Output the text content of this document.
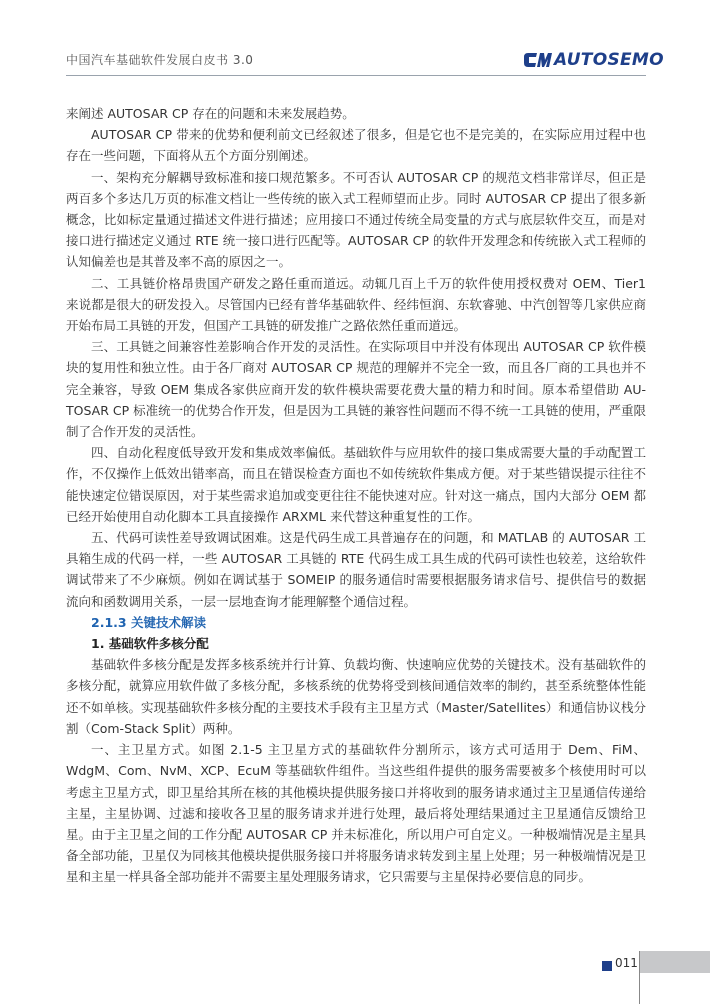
中国汽车基础软件发展白皮书 3.0	AUTOSEMO

来阐述 AUTOSAR CP 存在的问题和未来发展趋势。

AUTOSAR CP 带来的优势和便利前文已经叙述了很多，但是它也不是完美的，在实际应用过程中也存在一些问题，下面将从五个方面分别阐述。

一、架构充分解耦导致标准和接口规范繁多。不可否认 AUTOSAR CP 的规范文档非常详尽，但正是两百多个多达几万页的标准文档让一些传统的嵌入式工程师望而止步。同时 AUTOSAR CP 提出了很多新概念，比如标定量通过描述文件进行描述；应用接口不通过传统全局变量的方式与底层软件交互，而是对接口进行描述定义通过 RTE 统一接口进行匹配等。AUTOSAR CP 的软件开发理念和传统嵌入式工程师的认知偏差也是其普及率不高的原因之一。

二、工具链价格昂贵国产研发之路任重而道远。动辄几百上千万的软件使用授权费对 OEM、Tier1 来说都是很大的研发投入。尽管国内已经有普华基础软件、经纬恒润、东软睿驰、中汽创智等几家供应商开始布局工具链的开发，但国产工具链的研发推广之路依然任重而道远。

三、工具链之间兼容性差影响合作开发的灵活性。在实际项目中并没有体现出 AUTOSAR CP 软件模块的复用性和独立性。由于各厂商对 AUTOSAR CP 规范的理解并不完全一致，而且各厂商的工具也并不完全兼容，导致 OEM 集成各家供应商开发的软件模块需要花费大量的精力和时间。原本希望借助 AU-TOSAR CP 标准统一的优势合作开发，但是因为工具链的兼容性问题而不得不统一工具链的使用，严重限制了合作开发的灵活性。

四、自动化程度低导致开发和集成效率偏低。基础软件与应用软件的接口集成需要大量的手动配置工作，不仅操作上低效出错率高，而且在错误检查方面也不如传统软件集成方便。对于某些错误提示往往不能快速定位错误原因，对于某些需求追加或变更往往不能快速对应。针对这一痛点，国内大部分 OEM 都已经开始使用自动化脚本工具直接操作 ARXML 来代替这种重复性的工作。

五、代码可读性差导致调试困难。这是代码生成工具普遍存在的问题，和 MATLAB 的 AUTOSAR 工具箱生成的代码一样，一些 AUTOSAR 工具链的 RTE 代码生成工具生成的代码可读性也较差，这给软件调试带来了不少麻烦。例如在调试基于 SOMEIP 的服务通信时需要根据服务请求信号、提供信号的数据流向和函数调用关系，一层一层地查询才能理解整个通信过程。

2.1.3 关键技术解读
1. 基础软件多核分配

基础软件多核分配是发挥多核系统并行计算、负载均衡、快速响应优势的关键技术。没有基础软件的多核分配，就算应用软件做了多核分配，多核系统的优势将受到核间通信效率的制约，甚至系统整体性能还不如单核。实现基础软件多核分配的主要技术手段有主卫星方式（Master/Satellites）和通信协议栈分割（Com-Stack Split）两种。

一、主卫星方式。如图 2.1-5 主卫星方式的基础软件分割所示，该方式可适用于 Dem、FiM、WdgM、Com、NvM、XCP、EcuM 等基础软件组件。当这些组件提供的服务需要被多个核使用时可以考虑主卫星方式，即卫星给其所在核的其他模块提供服务接口并将收到的服务请求通过主卫星通信传递给主星，主星协调、过滤和接收各卫星的服务请求并进行处理，最后将处理结果通过主卫星通信反馈给卫星。由于主卫星之间的工作分配 AUTOSAR CP 并未标准化，所以用户可自定义。一种极端情况是主星具备全部功能，卫星仅为同核其他模块提供服务接口并将服务请求转发到主星上处理；另一种极端情况是卫星和主星一样具备全部功能并不需要主星处理服务请求，它只需要与主星保持必要信息的同步。

011
